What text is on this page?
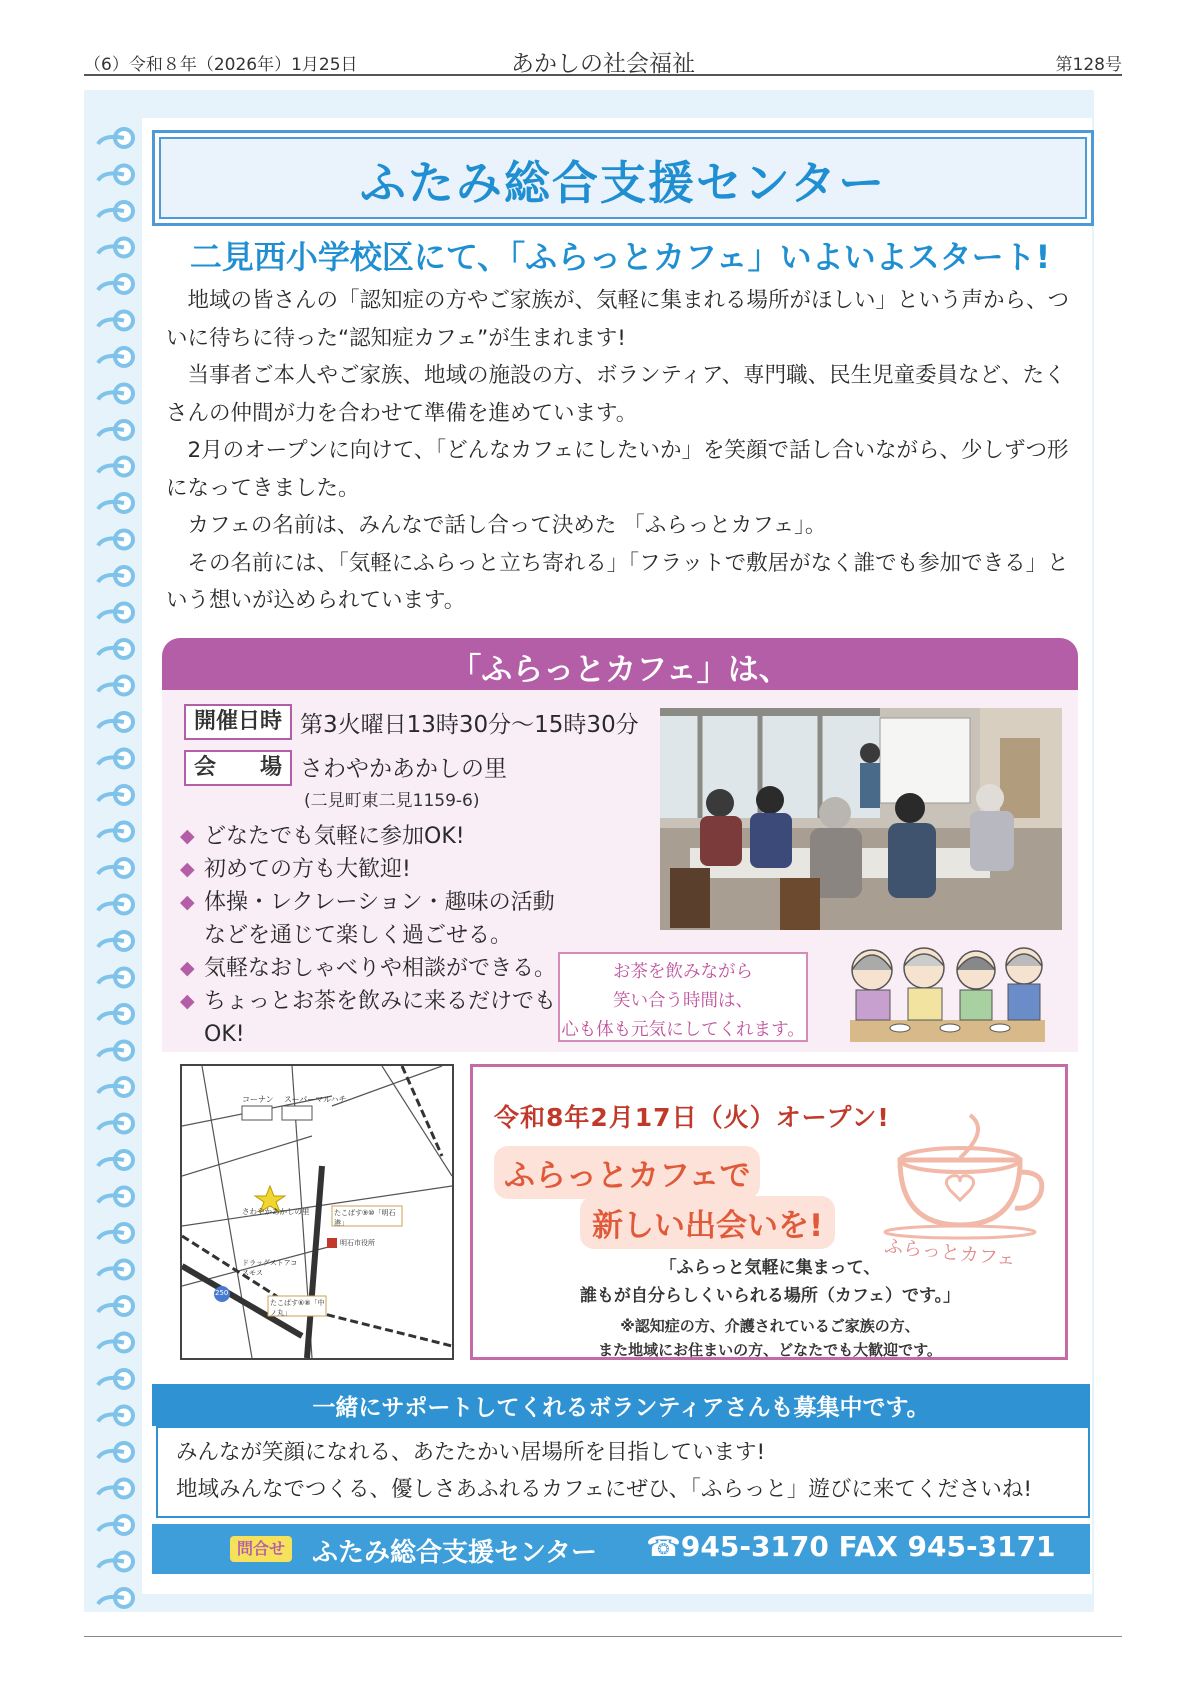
（6）令和８年（2026年）1月25日	あかしの社会福祉	第128号
ふたみ総合支援センター
二見西小学校区にて、「ふらっとカフェ」いよいよスタート!

地域の皆さんの「認知症の方やご家族が、気軽に集まれる場所がほしい」という声から、ついに待ちに待った“認知症カフェ”が生まれます!

当事者ご本人やご家族、地域の施設の方、ボランティア、専門職、民生児童委員など、たくさんの仲間が力を合わせて準備を進めています。

2月のオープンに向けて、「どんなカフェにしたいか」を笑顔で話し合いながら、少しずつ形になってきました。

カフェの名前は、みんなで話し合って決めた 「ふらっとカフェ」。

その名前には、「気軽にふらっと立ち寄れる」「フラットで敷居がなく誰でも参加できる」という想いが込められています。

「ふらっとカフェ」は、
開催日時 第3火曜日13時30分〜15時30分
会　　場 さわやかあかしの里
(二見町東二見1159-6)
◆ どなたでも気軽に参加OK!
◆ 初めての方も大歓迎!
◆ 体操・レクレーション・趣味の活動などを通じて楽しく過ごせる。
◆ 気軽なおしゃべりや相談ができる。
◆ ちょっとお茶を飲みに来るだけでもOK!
お茶を飲みながら
笑い合う時間は、
心も体も元気にしてくれます。
コーナン スーパーマルハチ
さわやかあかしの里	たこばす⑨⑩「明石港」
明石市役所
ドラッグストアコスモス
たこばす⑥⑧「中ノ丸」
250
令和8年2月17日（火）オープン!
ふらっとカフェで
新しい出会いを!
ふらっとカフェ
「ふらっと気軽に集まって、
誰もが自分らしくいられる場所（カフェ）です。」
※認知症の方、介護されているご家族の方、
また地域にお住まいの方、どなたでも大歓迎です。
一緒にサポートしてくれるボランティアさんも募集中です。
みんなが笑顔になれる、あたたかい居場所を目指しています!
地域みんなでつくる、優しさあふれるカフェにぜひ、「ふらっと」遊びに来てくださいね!
問合せ ふたみ総合支援センター ☎945-3170 FAX 945-3171
